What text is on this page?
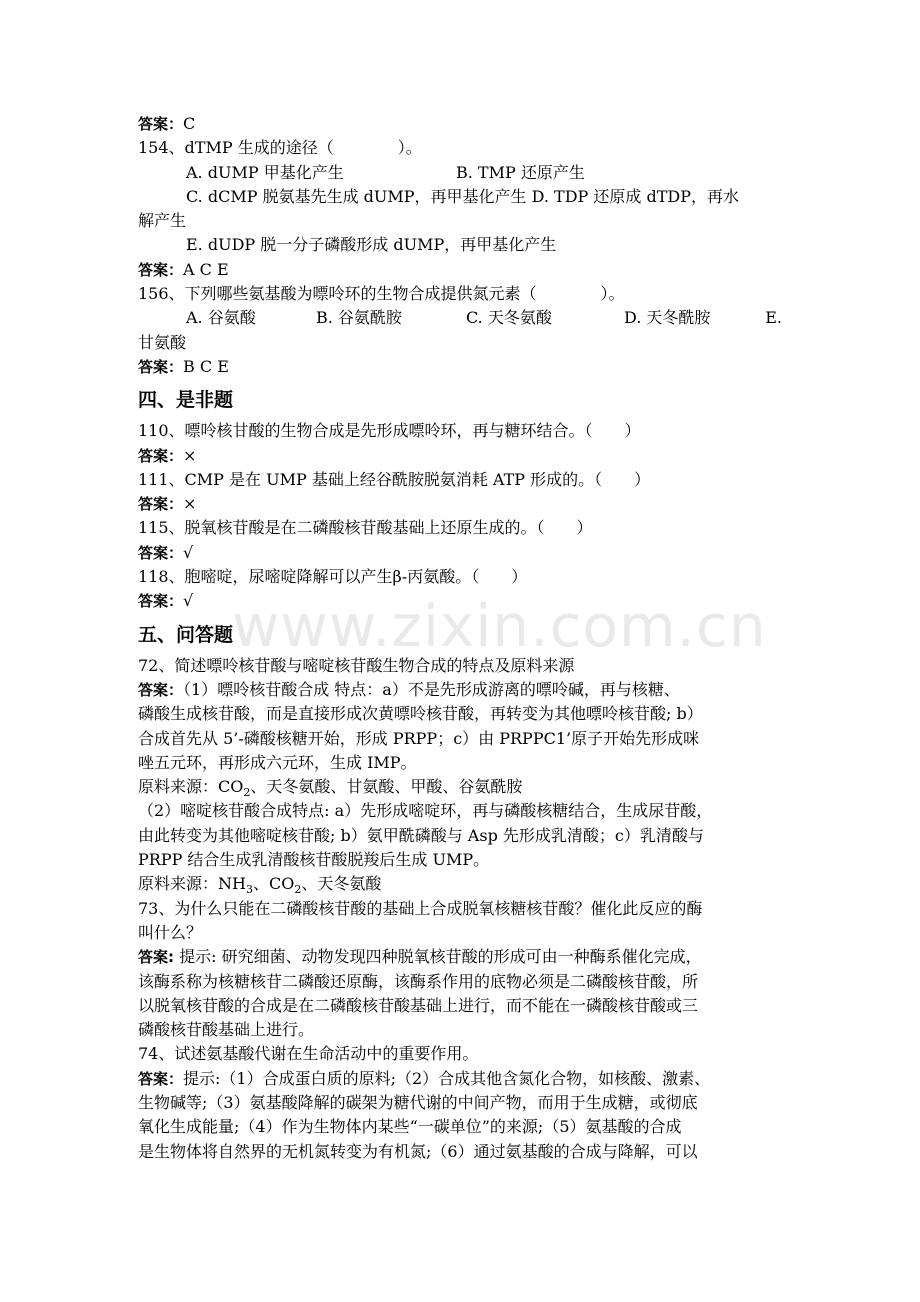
www.zixin.com.cn
答案：C
154、dTMP 生成的途径（　　　　）。
A. dUMP 甲基化产生	B. TMP 还原产生
C. dCMP 脱氨基先生成 dUMP，再甲基化产生 D. TDP 还原成 dTDP，再水
解产生
E. dUDP 脱一分子磷酸形成 dUMP，再甲基化产生
答案：A C E
156、下列哪些氨基酸为嘌呤环的生物合成提供氮元素（　　　　）。
A. 谷氨酸	B. 谷氨酰胺	C. 天冬氨酸	D. 天冬酰胺	E.
甘氨酸
答案：B C E
四、是非题
110、嘌呤核甘酸的生物合成是先形成嘌呤环，再与糖环结合。（　　）
答案：×
111、CMP 是在 UMP 基础上经谷酰胺脱氨消耗 ATP 形成的。（　　）
答案：×
115、脱氧核苷酸是在二磷酸核苷酸基础上还原生成的。（　　）
答案：√
118、胞嘧啶，尿嘧啶降解可以产生β-丙氨酸。（　　）
答案：√
五、问答题
72、简述嘌呤核苷酸与嘧啶核苷酸生物合成的特点及原料来源
答案：（1）嘌呤核苷酸合成 特点：a）不是先形成游离的嘌呤碱，再与核糖、
磷酸生成核苷酸，而是直接形成次黄嘌呤核苷酸，再转变为其他嘌呤核苷酸; b）
合成首先从 5’-磷酸核糖开始，形成 PRPP；c）由 PRPPC1’原子开始先形成咪
唑五元环，再形成六元环，生成 IMP。
原料来源：$CO_2$、天冬氨酸、甘氨酸、甲酸、谷氨酰胺
（2）嘧啶核苷酸合成特点: a）先形成嘧啶环，再与磷酸核糖结合，生成尿苷酸，
由此转变为其他嘧啶核苷酸; b）氨甲酰磷酸与 Asp 先形成乳清酸；c）乳清酸与
PRPP 结合生成乳清酸核苷酸脱羧后生成 UMP。
原料来源：$NH_3$、$CO_2$、天冬氨酸
73、为什么只能在二磷酸核苷酸的基础上合成脱氧核糖核苷酸？催化此反应的酶
叫什么？
答案: 提示: 研究细菌、动物发现四种脱氧核苷酸的形成可由一种酶系催化完成，
该酶系称为核糖核苷二磷酸还原酶，该酶系作用的底物必须是二磷酸核苷酸，所
以脱氧核苷酸的合成是在二磷酸核苷酸基础上进行，而不能在一磷酸核苷酸或三
磷酸核苷酸基础上进行。
74、试述氨基酸代谢在生命活动中的重要作用。
答案：提示:（1）合成蛋白质的原料;（2）合成其他含氮化合物，如核酸、激素、
生物碱等;（3）氨基酸降解的碳架为糖代谢的中间产物，而用于生成糖，或彻底
氧化生成能量;（4）作为生物体内某些“一碳单位”的来源;（5）氨基酸的合成
是生物体将自然界的无机氮转变为有机氮;（6）通过氨基酸的合成与降解，可以
